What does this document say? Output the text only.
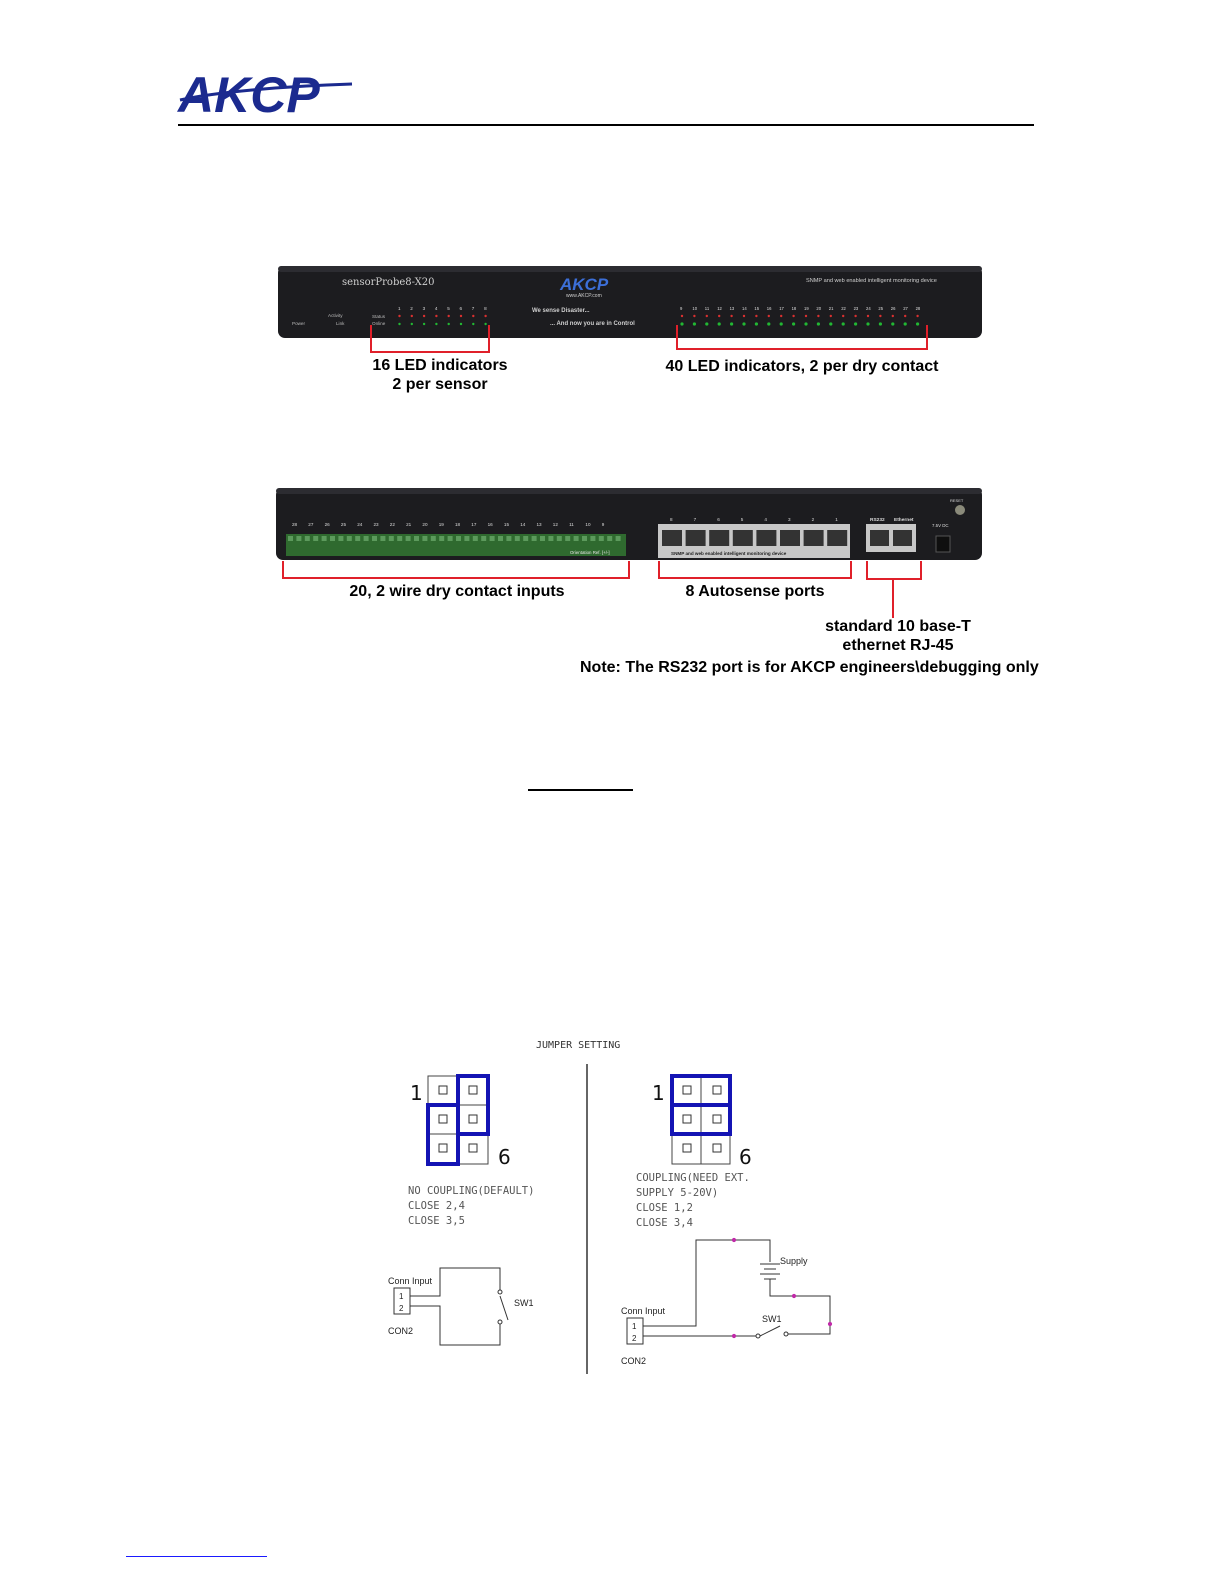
AKCP
sensorProbe8-X20	AKCP
www.AKCP.com
SNMP and web enabled intelligent monitoring device
We sense Disaster...
... And now you are in Control
Power
Activity
Link
Status
Online
1 2 3 4 5 6 7 8	9 10 11 12 13 14 15 16 17 18 19 20 21 22 23 24 25 26 27 28
16 LED indicators
2 per sensor
40 LED indicators, 2 per dry contact
28 27 26 25 24 23 22 21 20 19 18 17 16 15 14 13 12 11	10 9
Orientation Ref. [+/-]
8	7	6	5	4	3	2	1
SNMP and web enabled intelligent monitoring device
RS232 Ethernet
RESET
7.5V DC
20, 2 wire dry contact inputs	8 Autosense ports
standard 10 base-T
ethernet RJ-45
Note: The RS232 port is for AKCP engineers\debugging only
JUMPER SETTING
1
6
NO COUPLING(DEFAULT)
CLOSE 2,4
CLOSE 3,5
Conn Input
1
2
CON2
SW1
1
6
COUPLING(NEED EXT.
SUPPLY 5-20V)
CLOSE 1,2
CLOSE 3,4
Conn Input
1
2
CON2
Supply
SW1
